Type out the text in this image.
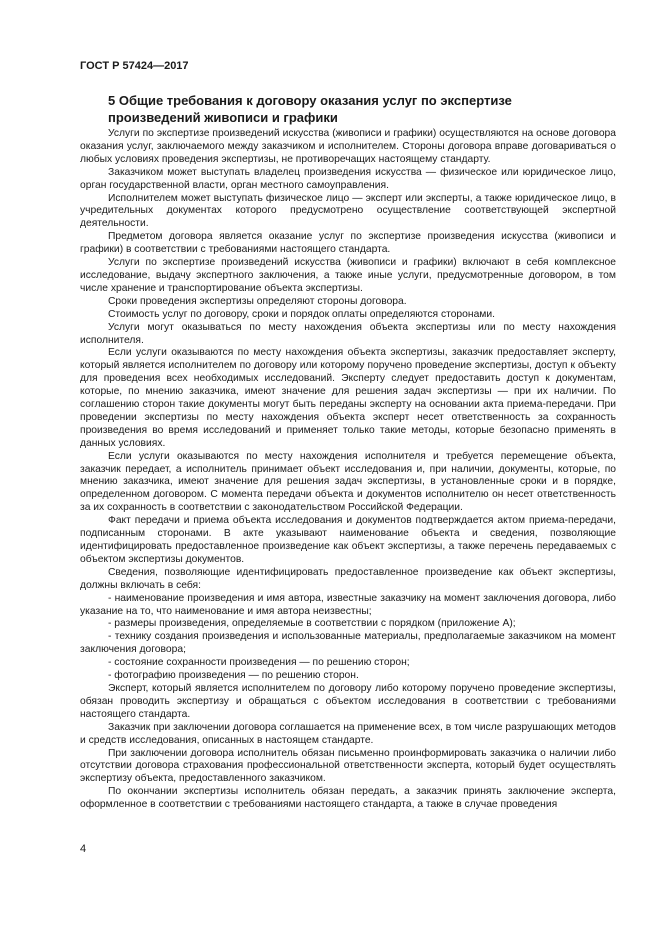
ГОСТ Р 57424—2017
5 Общие требования к договору оказания услуг по экспертизе произведений живописи и графики

Услуги по экспертизе произведений искусства (живописи и графики) осуществляются на основе договора оказания услуг, заключаемого между заказчиком и исполнителем. Стороны договора вправе договариваться о любых условиях проведения экспертизы, не противоречащих настоящему стандарту.

Заказчиком может выступать владелец произведения искусства — физическое или юридическое лицо, орган государственной власти, орган местного самоуправления.

Исполнителем может выступать физическое лицо — эксперт или эксперты, а также юридическое лицо, в учредительных документах которого предусмотрено осуществление соответствующей экспертной деятельности.

Предметом договора является оказание услуг по экспертизе произведения искусства (живописи и графики) в соответствии с требованиями настоящего стандарта.

Услуги по экспертизе произведений искусства (живописи и графики) включают в себя комплексное исследование, выдачу экспертного заключения, а также иные услуги, предусмотренные договором, в том числе хранение и транспортирование объекта экспертизы.

Сроки проведения экспертизы определяют стороны договора.

Стоимость услуг по договору, сроки и порядок оплаты определяются сторонами.

Услуги могут оказываться по месту нахождения объекта экспертизы или по месту нахождения исполнителя.

Если услуги оказываются по месту нахождения объекта экспертизы, заказчик предоставляет эксперту, который является исполнителем по договору или которому поручено проведение экспертизы, доступ к объекту для проведения всех необходимых исследований. Эксперту следует предоставить доступ к документам, которые, по мнению заказчика, имеют значение для решения задач экспертизы — при их наличии. По соглашению сторон такие документы могут быть переданы эксперту на основании акта приема-передачи. При проведении экспертизы по месту нахождения объекта эксперт несет ответственность за сохранность произведения во время исследований и применяет только такие методы, которые безопасно применять в данных условиях.

Если услуги оказываются по месту нахождения исполнителя и требуется перемещение объекта, заказчик передает, а исполнитель принимает объект исследования и, при наличии, документы, которые, по мнению заказчика, имеют значение для решения задач экспертизы, в установленные сроки и в порядке, определенном договором. С момента передачи объекта и документов исполнителю он несет ответственность за их сохранность в соответствии с законодательством Российской Федерации.

Факт передачи и приема объекта исследования и документов подтверждается актом приема-передачи, подписанным сторонами. В акте указывают наименование объекта и сведения, позволяющие идентифицировать предоставленное произведение как объект экспертизы, а также перечень передаваемых с объектом экспертизы документов.

Сведения, позволяющие идентифицировать предоставленное произведение как объект экспертизы, должны включать в себя:

- наименование произведения и имя автора, известные заказчику на момент заключения договора, либо указание на то, что наименование и имя автора неизвестны;

- размеры произведения, определяемые в соответствии с порядком (приложение А);

- технику создания произведения и использованные материалы, предполагаемые заказчиком на момент заключения договора;

- состояние сохранности произведения — по решению сторон;

- фотографию произведения — по решению сторон.

Эксперт, который является исполнителем по договору либо которому поручено проведение экспертизы, обязан проводить экспертизу и обращаться с объектом исследования в соответствии с требованиями настоящего стандарта.

Заказчик при заключении договора соглашается на применение всех, в том числе разрушающих методов и средств исследования, описанных в настоящем стандарте.

При заключении договора исполнитель обязан письменно проинформировать заказчика о наличии либо отсутствии договора страхования профессиональной ответственности эксперта, который будет осуществлять экспертизу объекта, предоставленного заказчиком.

По окончании экспертизы исполнитель обязан передать, а заказчик принять заключение эксперта, оформленное в соответствии с требованиями настоящего стандарта, а также в случае проведения

4
